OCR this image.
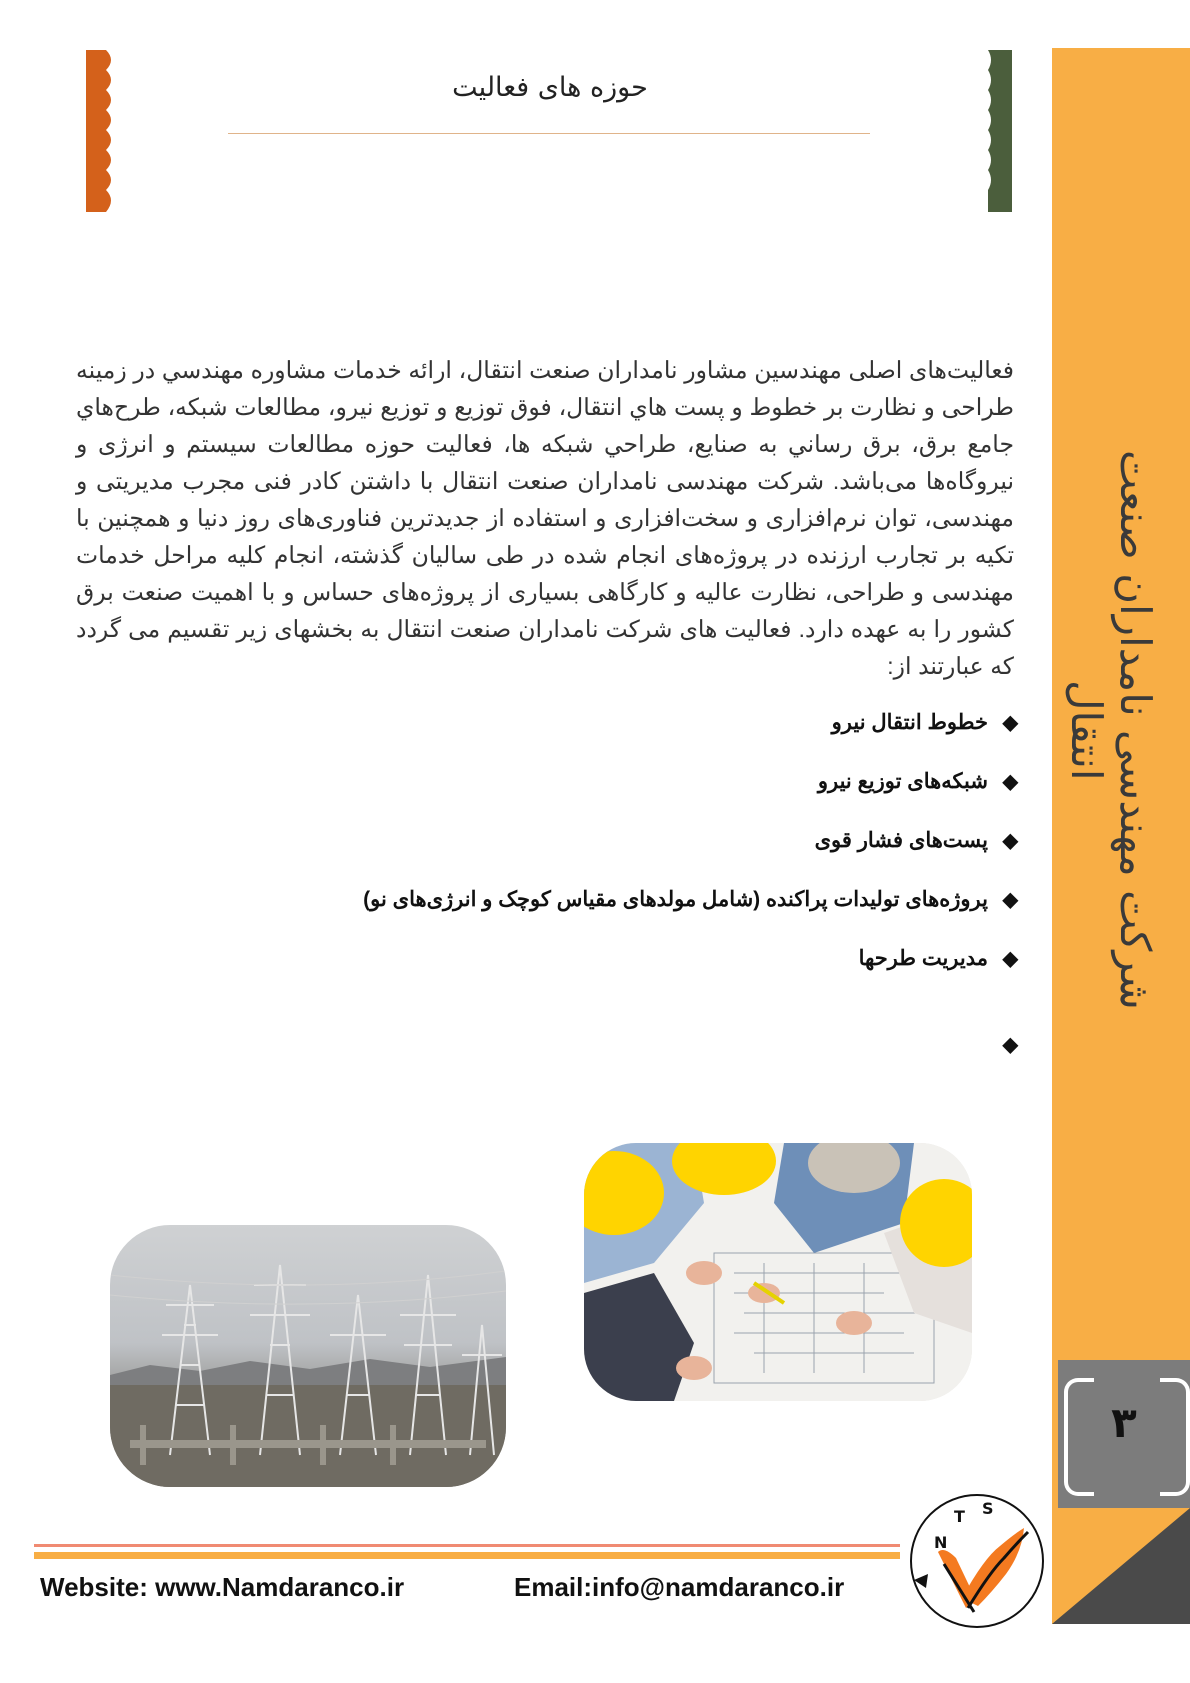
حوزه های فعالیت
شرکت مهندسی نامداران صنعت انتقال
۳

فعالیت‌های اصلی مهندسین مشاور نامداران صنعت انتقال، ارائه خدمات مشاوره مهندسي در زمینه طراحی و نظارت بر خطوط و پست هاي انتقال، فوق توزیع و توزیع نیرو، مطالعات شبکه، طرح‌هاي جامع برق، برق رساني به صنایع، طراحي شبکه ها، فعالیت حوزه مطالعات سیستم و انرژی و نیروگاه‌ها می‌باشد. شرکت مهندسی نامداران صنعت انتقال با داشتن کادر فنی مجرب مدیریتی و مهندسی، توان نرم‌افزاری و سخت‌افزاری و استفاده از جدیدترین فناوری‌های روز دنیا و همچنین با تکیه بر تجارب ارزنده در پروژه‌های انجام شده در طی سالیان گذشته، انجام کلیه مراحل خدمات مهندسی و طراحی، نظارت عالیه و کارگاهی بسیاری از پروژه‌های حساس و با اهمیت صنعت برق کشور را به عهده دارد. فعالیت های شرکت نامداران صنعت انتقال به بخشهای زیر تقسیم می گردد که عبارتند از:

◆
خطوط انتقال نیرو
◆
شبکه‌های توزیع نیرو
◆
پست‌های فشار قوی
◆
پروژه‌های تولیدات پراکنده (شامل مولدهای مقیاس کوچک و انرژی‌های نو)
◆
مدیریت طرحها
◆
Website: www.Namdaranco.ir	Email:info@namdaranco.ir
N
T S
